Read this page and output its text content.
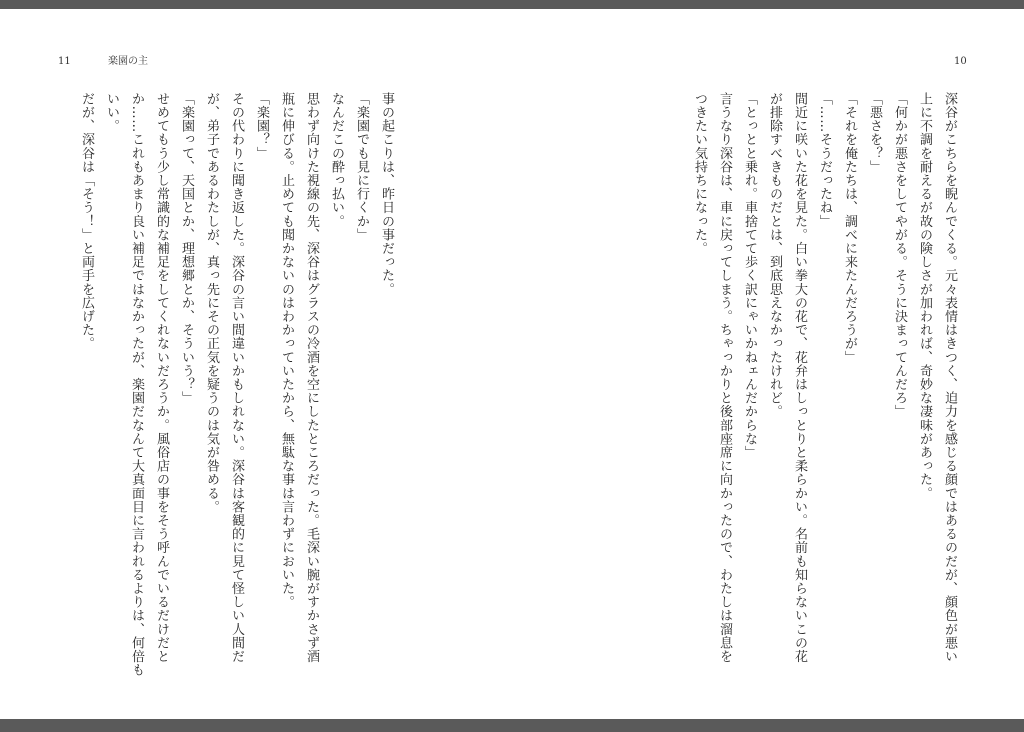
11	楽園の主	10
深谷がこちらを睨んでくる。元々表情はきつく、迫力を感じる顔ではあるのだが、顔色が悪い
上に不調を耐えるが故の険しさが加われば、奇妙な凄味があった。
「何かが悪さをしてやがる。そうに決まってんだろ」
「悪さを？」
「それを俺たちは、調べに来たんだろうが」
「……そうだったね」
間近に咲いた花を見た。白い拳大の花で、花弁はしっとりと柔らかい。名前も知らないこの花
が排除すべきものだとは、到底思えなかったけれど。
「とっとと乗れ。車捨てて歩く訳にゃいかねェんだからな」
言うなり深谷は、車に戻ってしまう。ちゃっかりと後部座席に向かったので、わたしは溜息を
つきたい気持ちになった。
事の起こりは、昨日の事だった。
「楽園でも見に行くか」
なんだこの酔っ払い。
思わず向けた視線の先、深谷はグラスの冷酒を空にしたところだった。毛深い腕がすかさず酒
瓶に伸びる。止めても聞かないのはわかっていたから、無駄な事は言わずにおいた。
「楽園？」
その代わりに聞き返した。深谷の言い間違いかもしれない。深谷は客観的に見て怪しい人間だ
が、弟子であるわたしが、真っ先にその正気を疑うのは気が咎める。
「楽園って、天国とか、理想郷とか、そういう？」
せめてもう少し常識的な補足をしてくれないだろうか。風俗店の事をそう呼んでいるだけだと
か……これもあまり良い補足ではなかったが、楽園だなんて大真面目に言われるよりは、何倍も
いい。
だが、深谷は「そう！」と両手を広げた。
